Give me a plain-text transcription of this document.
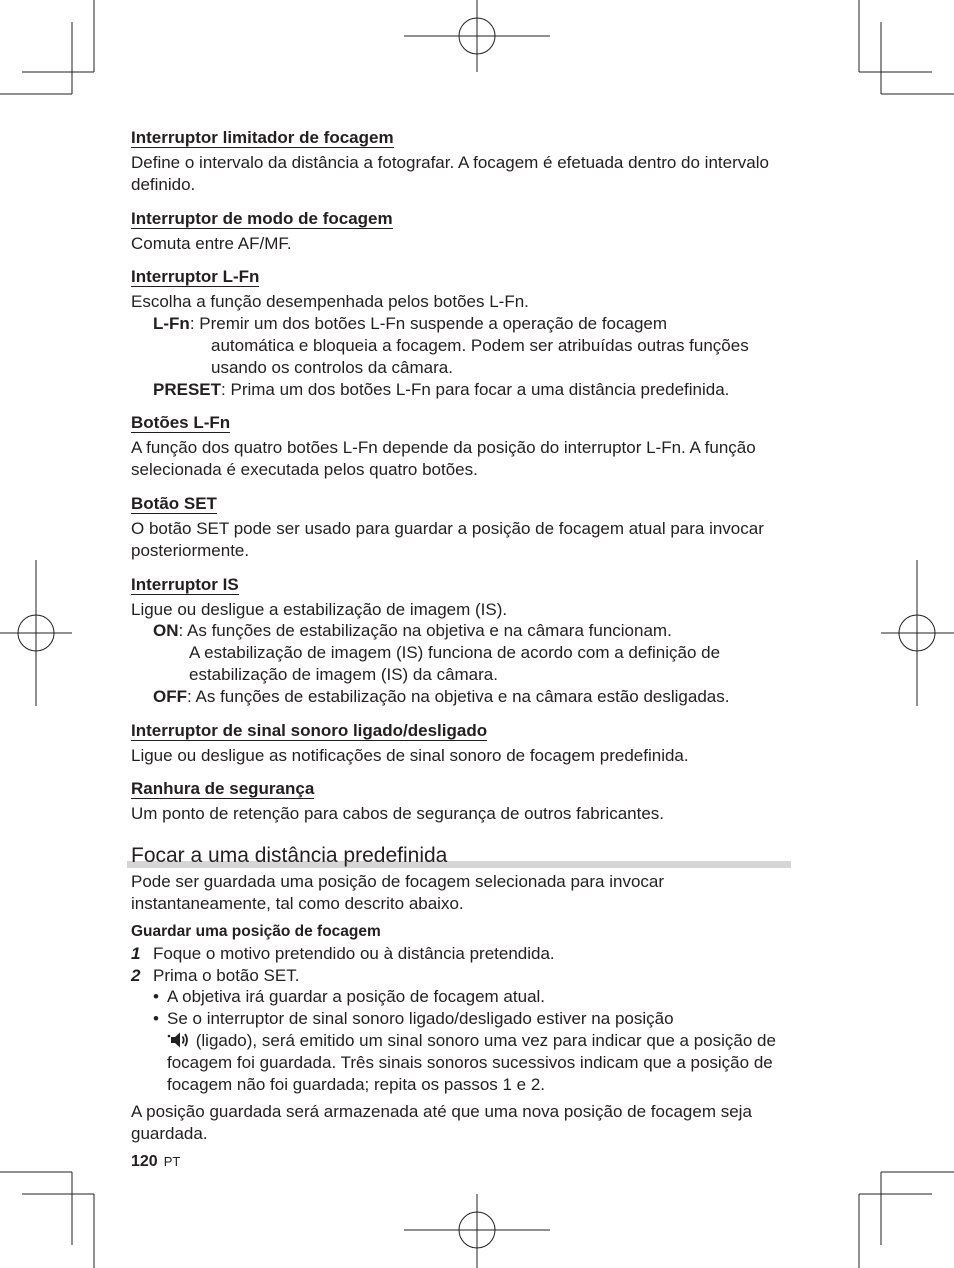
Interruptor limitador de focagem

Define o intervalo da distância a fotografar. A focagem é efetuada dentro do intervalo definido.

Interruptor de modo de focagem

Comuta entre AF/MF.

Interruptor L-Fn

Escolha a função desempenhada pelos botões L-Fn.

L-Fn: Premir um dos botões L-Fn suspende a operação de focagem
automática e bloqueia a focagem. Podem ser atribuídas outras funções usando os controlos da câmara.
PRESET: Prima um dos botões L-Fn para focar a uma distância predefinida.
Botões L-Fn

A função dos quatro botões L-Fn depende da posição do interruptor L-Fn. A função selecionada é executada pelos quatro botões.

Botão SET

O botão SET pode ser usado para guardar a posição de focagem atual para invocar posteriormente.

Interruptor IS

Ligue ou desligue a estabilização de imagem (IS).

ON: As funções de estabilização na objetiva e na câmara funcionam.
A estabilização de imagem (IS) funciona de acordo com a definição de estabilização de imagem (IS) da câmara.
OFF: As funções de estabilização na objetiva e na câmara estão desligadas.
Interruptor de sinal sonoro ligado/desligado

Ligue ou desligue as notificações de sinal sonoro de focagem predefinida.

Ranhura de segurança

Um ponto de retenção para cabos de segurança de outros fabricantes.

Focar a uma distância predefinida

Pode ser guardada uma posição de focagem selecionada para invocar instantaneamente, tal como descrito abaixo.

Guardar uma posição de focagem
1 Foque o motivo pretendido ou à distância pretendida.
2 Prima o botão SET.
• A objetiva irá guardar a posição de focagem atual.
• Se o interruptor de sinal sonoro ligado/desligado estiver na posição
(ligado), será emitido um sinal sonoro uma vez para indicar que a posição de focagem foi guardada. Três sinais sonoros sucessivos indicam que a posição de focagem não foi guardada; repita os passos 1 e 2.

A posição guardada será armazenada até que uma nova posição de focagem seja guardada.

120 PT
